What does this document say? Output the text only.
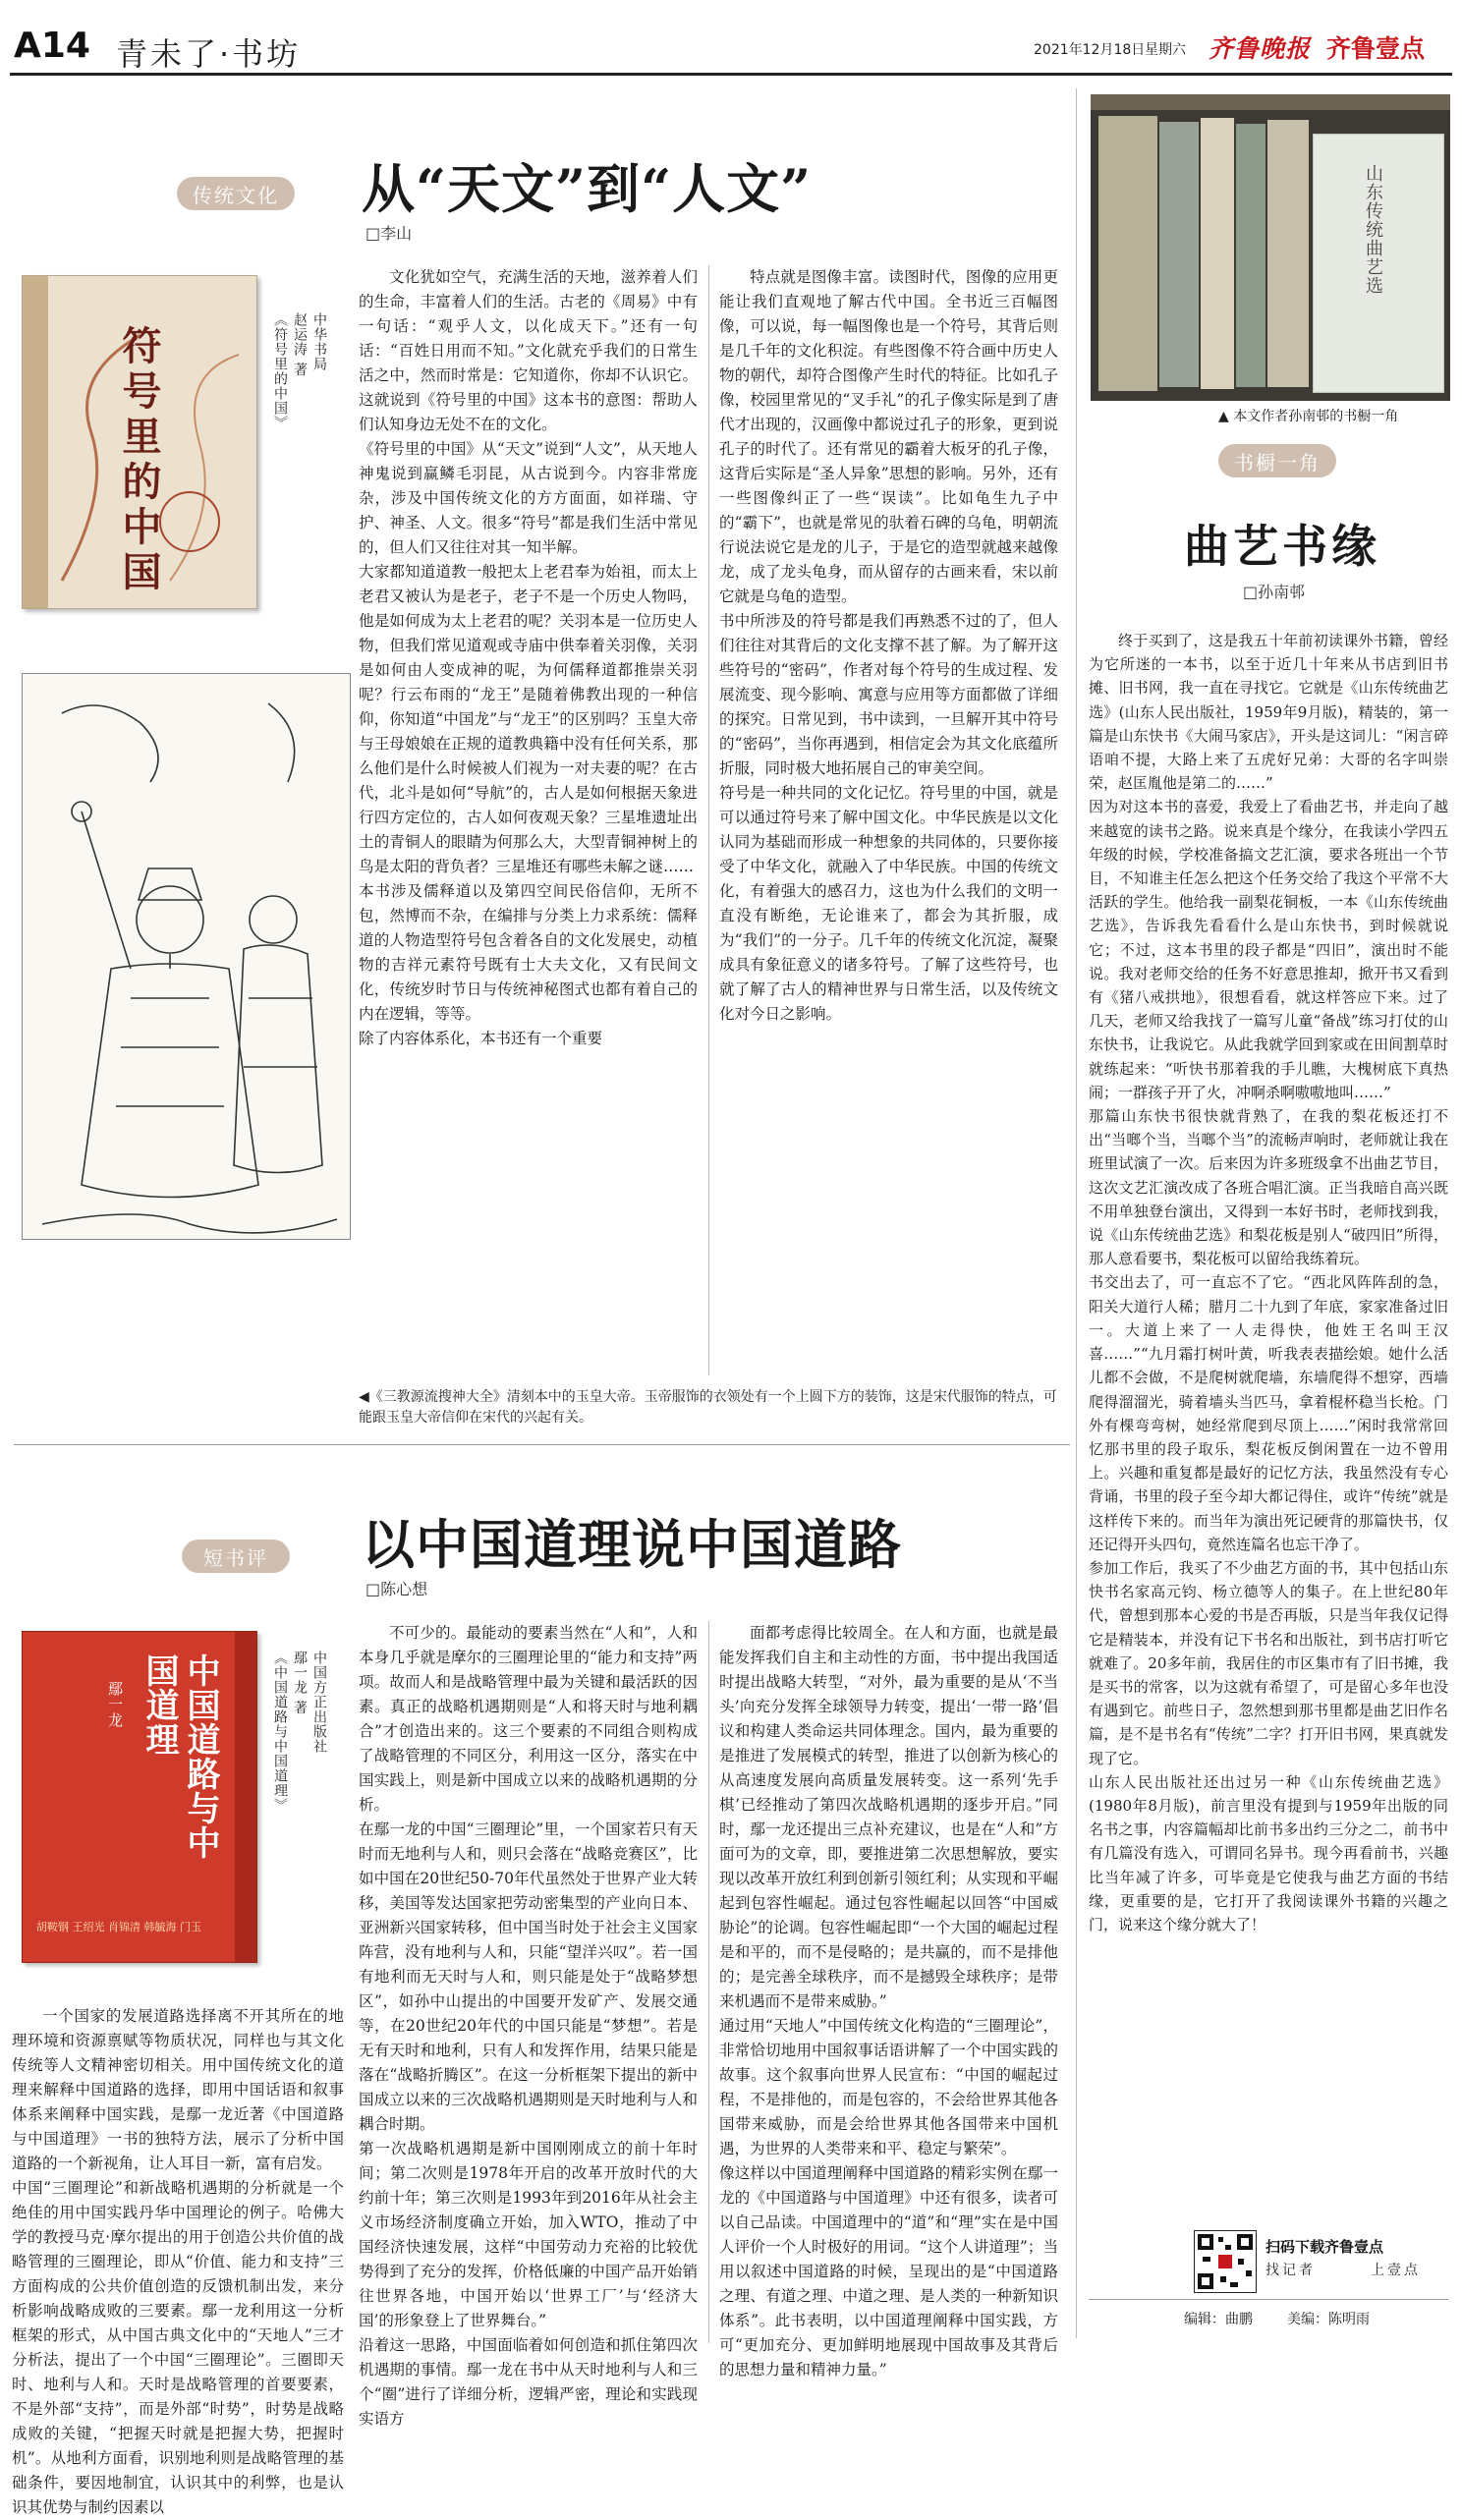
A14 青未了·书坊	2021年12月18日 星期六 齐鲁晚报 齐鲁壹点
传统文化 从“天文”到“人文”
□李山
符号里的中国	中华书局
赵运涛 著
《符号里的中国》
文化犹如空气，充满生活的天地，滋养着人们的生命，丰富着人们的生活。古老的《周易》中有一句话：“观乎人文，以化成天下。”还有一句话：“百姓日用而不知。”文化就充乎我们的日常生活之中，然而时常是：它知道你，你却不认识它。这就说到《符号里的中国》这本书的意图：帮助人们认知身边无处不在的文化。
《符号里的中国》从“天文”说到“人文”，从天地人神鬼说到赢鳞毛羽昆，从古说到今。内容非常庞杂，涉及中国传统文化的方方面面，如祥瑞、守护、神圣、人文。很多“符号”都是我们生活中常见的，但人们又往往对其一知半解。
大家都知道道教一般把太上老君奉为始祖，而太上老君又被认为是老子，老子不是一个历史人物吗，他是如何成为太上老君的呢？关羽本是一位历史人物，但我们常见道观或寺庙中供奉着关羽像，关羽是如何由人变成神的呢，为何儒释道都推崇关羽呢？行云布雨的“龙王”是随着佛教出现的一种信仰，你知道“中国龙”与“龙王”的区别吗？玉皇大帝与王母娘娘在正规的道教典籍中没有任何关系，那么他们是什么时候被人们视为一对夫妻的呢？在古代，北斗是如何“导航”的，古人是如何根据天象进行四方定位的，古人如何夜观天象？三星堆遗址出土的青铜人的眼睛为何那么大，大型青铜神树上的鸟是太阳的背负者？三星堆还有哪些未解之谜……
本书涉及儒释道以及第四空间民俗信仰，无所不包，然博而不杂，在编排与分类上力求系统：儒释道的人物造型符号包含着各自的文化发展史，动植物的吉祥元素符号既有士大夫文化，又有民间文化，传统岁时节日与传统神秘图式也都有着自己的内在逻辑，等等。
除了内容体系化，本书还有一个重要
特点就是图像丰富。读图时代，图像的应用更能让我们直观地了解古代中国。全书近三百幅图像，可以说，每一幅图像也是一个符号，其背后则是几千年的文化积淀。有些图像不符合画中历史人物的朝代，却符合图像产生时代的特征。比如孔子像，校园里常见的“叉手礼”的孔子像实际是到了唐代才出现的，汉画像中都说过孔子的形象，更到说孔子的时代了。还有常见的霸着大板牙的孔子像，这背后实际是“圣人异象”思想的影响。另外，还有一些图像纠正了一些“误读”。比如龟生九子中的“霸下”，也就是常见的驮着石碑的乌龟，明朝流行说法说它是龙的儿子，于是它的造型就越来越像龙，成了龙头龟身，而从留存的古画来看，宋以前它就是乌龟的造型。
书中所涉及的符号都是我们再熟悉不过的了，但人们往往对其背后的文化支撑不甚了解。为了解开这些符号的“密码”，作者对每个符号的生成过程、发展流变、现今影响、寓意与应用等方面都做了详细的探究。日常见到，书中读到，一旦解开其中符号的“密码”，当你再遇到，相信定会为其文化底蕴所折服，同时极大地拓展自己的审美空间。
符号是一种共同的文化记忆。符号里的中国，就是可以通过符号来了解中国文化。中华民族是以文化认同为基础而形成一种想象的共同体的，只要你接受了中华文化，就融入了中华民族。中国的传统文化，有着强大的感召力，这也为什么我们的文明一直没有断绝，无论谁来了，都会为其折服，成为“我们”的一分子。几千年的传统文化沉淀，凝聚成具有象征意义的诸多符号。了解了这些符号，也就了解了古人的精神世界与日常生活，以及传统文化对今日之影响。
◀《三教源流搜神大全》清刻本中的玉皇大帝。玉帝服饰的衣领处有一个上圆下方的装饰，这是宋代服饰的特点，可能跟玉皇大帝信仰在宋代的兴起有关。
短书评	以中国道理说中国道路
□陈心想
中国道路与中国道理
鄢一龙
胡鞍钢 王绍光 肖锦清 韩毓海 门玉
中国方正出版社
鄢一龙 著
《中国道路与中国道理》
一个国家的发展道路选择离不开其所在的地理环境和资源禀赋等物质状况，同样也与其文化传统等人文精神密切相关。用中国传统文化的道理来解释中国道路的选择，即用中国话语和叙事体系来阐释中国实践，是鄢一龙近著《中国道路与中国道理》一书的独特方法，展示了分析中国道路的一个新视角，让人耳目一新，富有启发。
中国“三圈理论”和新战略机遇期的分析就是一个绝佳的用中国实践丹华中国理论的例子。哈佛大学的教授马克·摩尔提出的用于创造公共价值的战略管理的三圈理论，即从“价值、能力和支持”三方面构成的公共价值创造的反馈机制出发，来分析影响战略成败的三要素。鄢一龙利用这一分析框架的形式，从中国古典文化中的“天地人”三才分析法，提出了一个中国“三圈理论”。三圈即天时、地利与人和。天时是战略管理的首要要素，不是外部“支持”，而是外部“时势”，时势是战略成败的关键，“把握天时就是把握大势，把握时机”。从地利方面看，识别地利则是战略管理的基础条件，要因地制宜，认识其中的利弊，也是认识其优势与制约因素以
不可少的。最能动的要素当然在“人和”，人和本身几乎就是摩尔的三圈理论里的“能力和支持”两项。故而人和是战略管理中最为关键和最活跃的因素。真正的战略机遇期则是“人和将天时与地利耦合”才创造出来的。这三个要素的不同组合则构成了战略管理的不同区分，利用这一区分，落实在中国实践上，则是新中国成立以来的战略机遇期的分析。
在鄢一龙的中国“三圈理论”里，一个国家若只有天时而无地利与人和，则只会落在“战略竞赛区”，比如中国在20世纪50-70年代虽然处于世界产业大转移，美国等发达国家把劳动密集型的产业向日本、亚洲新兴国家转移，但中国当时处于社会主义国家阵营，没有地利与人和，只能“望洋兴叹”。若一国有地利而无天时与人和，则只能是处于“战略梦想区”，如孙中山提出的中国要开发矿产、发展交通等，在20世纪20年代的中国只能是“梦想”。若是无有天时和地利，只有人和发挥作用，结果只能是落在“战略折腾区”。在这一分析框架下提出的新中国成立以来的三次战略机遇期则是天时地利与人和耦合时期。
第一次战略机遇期是新中国刚刚成立的前十年时间；第二次则是1978年开启的改革开放时代的大约前十年；第三次则是1993年到2016年从社会主义市场经济制度确立开始，加入WTO，推动了中国经济快速发展，这样“中国劳动力充裕的比较优势得到了充分的发挥，价格低廉的中国产品开始销往世界各地，中国开始以‘世界工厂’与‘经济大国’的形象登上了世界舞台。”
沿着这一思路，中国面临着如何创造和抓住第四次机遇期的事情。鄢一龙在书中从天时地利与人和三个“圈”进行了详细分析，逻辑严密，理论和实践现实语方
面都考虑得比较周全。在人和方面，也就是最能发挥我们自主和主动性的方面，书中提出我国适时提出战略大转型，“对外，最为重要的是从‘不当头’向充分发挥全球领导力转变，提出‘一带一路’倡议和构建人类命运共同体理念。国内，最为重要的是推进了发展模式的转型，推进了以创新为核心的从高速度发展向高质量发展转变。这一系列‘先手棋’已经推动了第四次战略机遇期的逐步开启。”同时，鄢一龙还提出三点补充建议，也是在“人和”方面可为的文章，即，要推进第二次思想解放，要实现以改革开放红利到创新引领红利；从实现和平崛起到包容性崛起。通过包容性崛起以回答“中国威胁论”的论调。包容性崛起即“一个大国的崛起过程是和平的，而不是侵略的；是共赢的，而不是排他的；是完善全球秩序，而不是撼毁全球秩序；是带来机遇而不是带来威胁。”
通过用“天地人”中国传统文化构造的“三圈理论”，非常恰切地用中国叙事话语讲解了一个中国实践的故事。这个叙事向世界人民宣布：“中国的崛起过程，不是排他的，而是包容的，不会给世界其他各国带来威胁，而是会给世界其他各国带来中国机遇，为世界的人类带来和平、稳定与繁荣”。
像这样以中国道理阐释中国道路的精彩实例在鄢一龙的《中国道路与中国道理》中还有很多，读者可以自己品读。中国道理中的“道”和“理”实在是中国人评价一个人时极好的用词。“这个人讲道理”；当用以叙述中国道路的时候，呈现出的是“中国道路之理、有道之理、中道之理、是人类的一种新知识体系”。此书表明，以中国道理阐释中国实践，方可“更加充分、更加鲜明地展现中国故事及其背后的思想力量和精神力量。”
山东传统曲艺选
▲ 本文作者孙南邨的书橱一角
书橱一角
曲艺书缘
□孙南邨
终于买到了，这是我五十年前初读课外书籍，曾经为它所迷的一本书，以至于近几十年来从书店到旧书摊、旧书网，我一直在寻找它。它就是《山东传统曲艺选》(山东人民出版社，1959年9月版)，精装的，第一篇是山东快书《大闹马家店》，开头是这词儿：“闲言碎语咱不提，大路上来了五虎好兄弟：大哥的名字叫崇荣，赵匡胤他是第二的……”
因为对这本书的喜爱，我爱上了看曲艺书，并走向了越来越宽的读书之路。说来真是个缘分，在我读小学四五年级的时候，学校准备搞文艺汇演，要求各班出一个节目，不知谁主任怎么把这个任务交给了我这个平常不大活跃的学生。他给我一副梨花铜板，一本《山东传统曲艺选》，告诉我先看看什么是山东快书，到时候就说它；不过，这本书里的段子都是“四旧”，演出时不能说。我对老师交给的任务不好意思推却，掀开书又看到有《猪八戒拱地》，很想看看，就这样答应下来。过了几天，老师又给我找了一篇写儿童“备战”练习打仗的山东快书，让我说它。从此我就学回到家或在田间割草时就练起来：“听快书那着我的手儿瞧，大槐树底下真热闹；一群孩子开了火，冲啊杀啊嗷嗷地叫……”
那篇山东快书很快就背熟了，在我的梨花板还打不出“当啷个当，当啷个当”的流畅声响时，老师就让我在班里试演了一次。后来因为许多班级拿不出曲艺节目，这次文艺汇演改成了各班合唱汇演。正当我暗自高兴既不用单独登台演出，又得到一本好书时，老师找到我，说《山东传统曲艺选》和梨花板是别人“破四旧”所得，那人意看要书，梨花板可以留给我练着玩。
书交出去了，可一直忘不了它。“西北风阵阵刮的急，阳关大道行人稀；腊月二十九到了年底，家家准备过旧一。大道上来了一人走得快，他姓王名叫王汉喜……”“九月霜打树叶黄，听我表表描绘娘。她什么活儿都不会做，不是爬树就爬墙，东墙爬得不想穿，西墙爬得溜溜光，骑着墙头当匹马，拿着棍杯稳当长枪。门外有棵弯弯树，她经常爬到尽顶上……”闲时我常常回忆那书里的段子取乐，梨花板反倒闲置在一边不曾用上。兴趣和重复都是最好的记忆方法，我虽然没有专心背诵，书里的段子至今却大都记得住，或许“传统”就是这样传下来的。而当年为演出死记硬背的那篇快书，仅还记得开头四句，竟然连篇名也忘干净了。
参加工作后，我买了不少曲艺方面的书，其中包括山东快书名家高元钧、杨立德等人的集子。在上世纪80年代，曾想到那本心爱的书是否再版，只是当年我仅记得它是精装本，并没有记下书名和出版社，到书店打听它就难了。20多年前，我居住的市区集市有了旧书摊，我是买书的常客，以为这就有希望了，可是留心多年也没有遇到它。前些日子，忽然想到那书里都是曲艺旧作名篇，是不是书名有“传统”二字？打开旧书网，果真就发现了它。
山东人民出版社还出过另一种《山东传统曲艺选》(1980年8月版)，前言里没有提到与1959年出版的同名书之事，内容篇幅却比前书多出约三分之二，前书中有几篇没有选入，可谓同名异书。现今再看前书，兴趣比当年减了许多，可毕竟是它使我与曲艺方面的书结缘，更重要的是，它打开了我阅读课外书籍的兴趣之门，说来这个缘分就大了！
扫码下载齐鲁壹点
找记者	上壹点
编辑：曲鹏	美编：陈明雨
